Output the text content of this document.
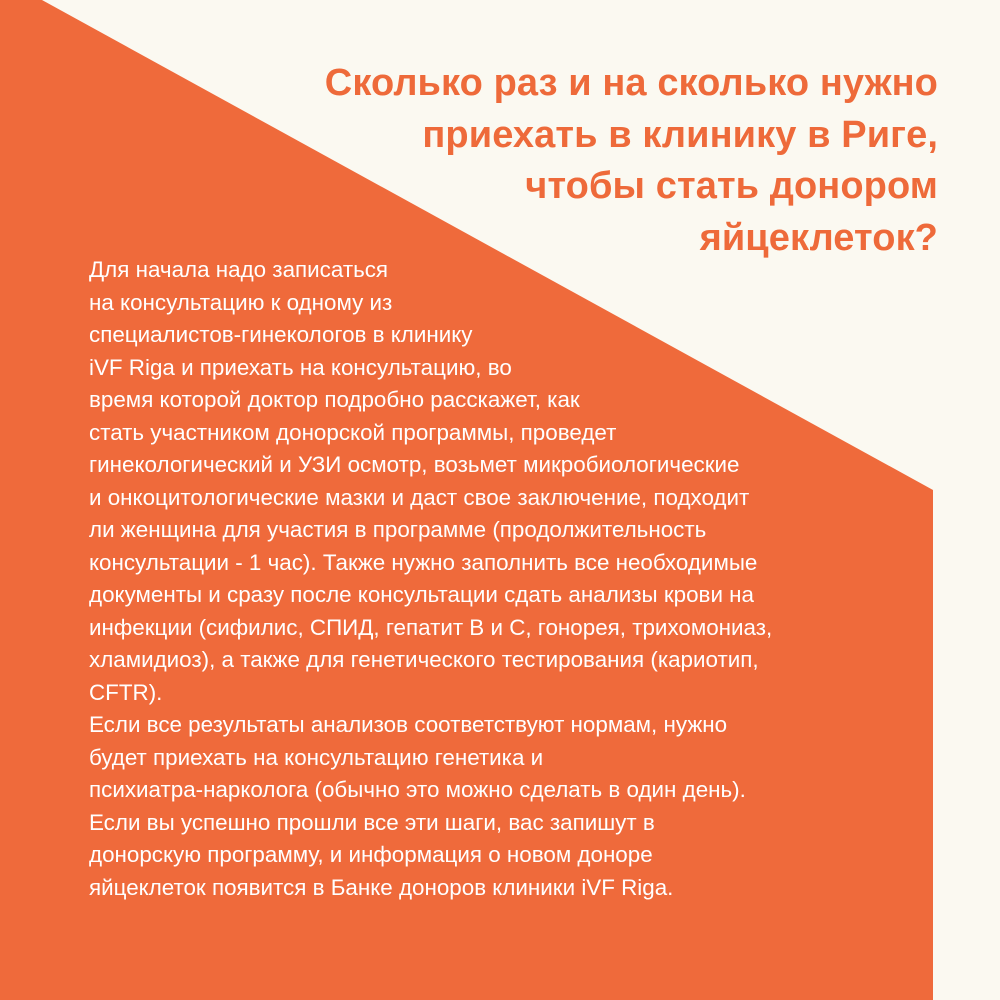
Сколько раз и на сколько нужно
приехать в клинику в Риге,
чтобы стать донором
яйцеклеток?
Для начала надо записаться
на консультацию к одному из
специалистов-гинекологов в клинику
iVF Riga и приехать на консультацию, во
время которой доктор подробно расскажет, как
стать участником донорской программы, проведет
гинекологический и УЗИ осмотр, возьмет микробиологические
и онкоцитологические мазки и даст свое заключение, подходит
ли женщина для участия в программе (продолжительность
консультации - 1 час). Также нужно заполнить все необходимые
документы и сразу после консультации сдать анализы крови на
инфекции (сифилис, СПИД, гепатит В и С, гонорея, трихомониаз,
хламидиоз), а также для генетического тестирования (кариотип,
CFTR).
Если все результаты анализов соответствуют нормам, нужно
будет приехать на консультацию генетика и
психиатра-нарколога (обычно это можно сделать в один день).
Если вы успешно прошли все эти шаги, вас запишут в
донорскую программу, и информация о новом доноре
яйцеклеток появится в Банке доноров клиники iVF Riga.
